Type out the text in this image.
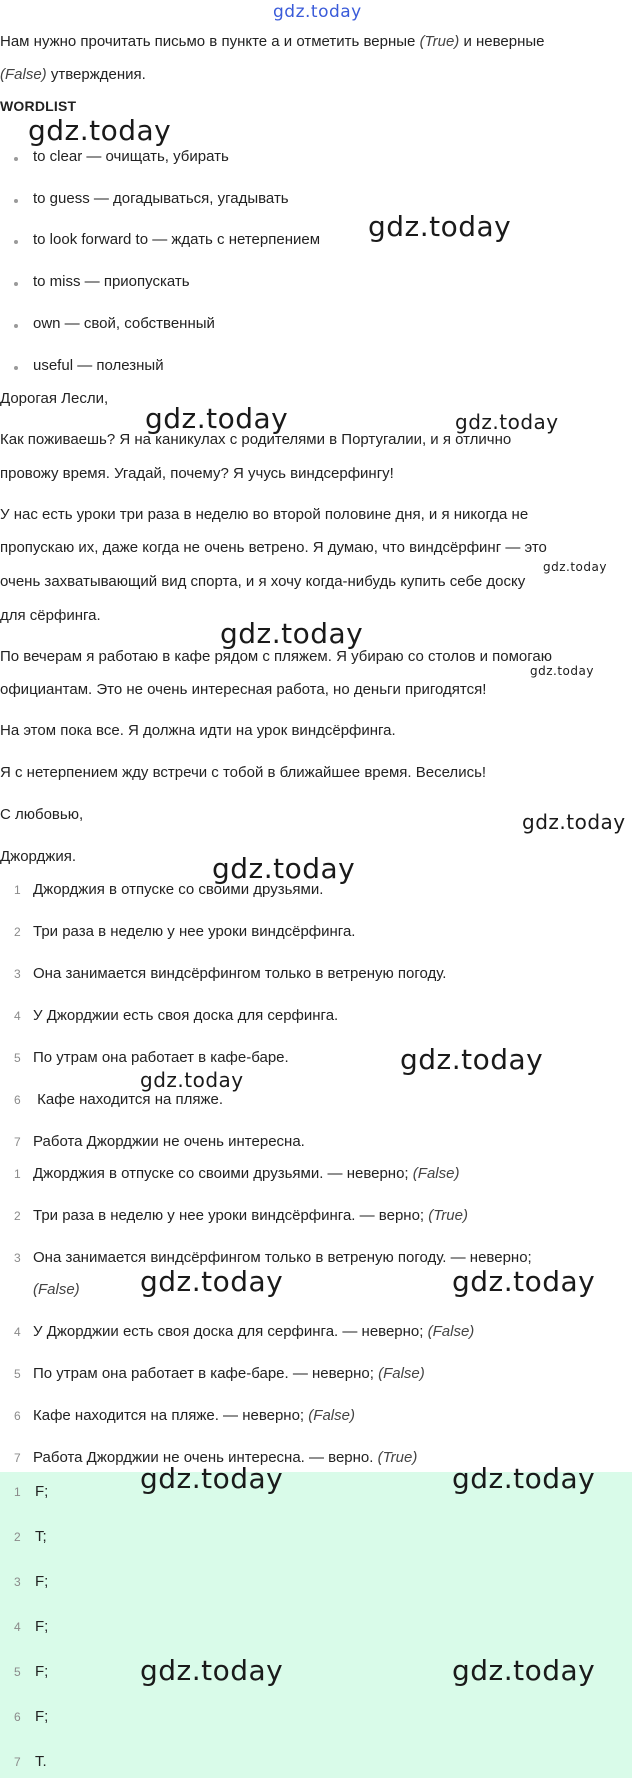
gdz.today
Нам нужно прочитать письмо в пункте а и отметить верные (True) и неверные
(False) утверждения.
WORDLIST
to clear — очищать, убирать
to guess — догадываться, угадывать
to look forward to — ждать с нетерпением
to miss — приопускать
own — свой, собственный
useful — полезный
Дорогая Лесли,
Как поживаешь? Я на каникулах с родителями в Португалии, и я отлично
провожу время. Угадай, почему? Я учусь виндсерфингу!
У нас есть уроки три раза в неделю во второй половине дня, и я никогда не
пропускаю их, даже когда не очень ветрено. Я думаю, что виндсёрфинг — это
очень захватывающий вид спорта, и я хочу когда-нибудь купить себе доску
для сёрфинга.
По вечерам я работаю в кафе рядом с пляжем. Я убираю со столов и помогаю
официантам. Это не очень интересная работа, но деньги пригодятся!
На этом пока все. Я должна идти на урок виндсёрфинга.
Я с нетерпением жду встречи с тобой в ближайшее время. Веселись!
С любовью,
Джорджия.
1 Джорджия в отпуске со своими друзьями.
2 Три раза в неделю у нее уроки виндсёрфинга.
3 Она занимается виндсёрфингом только в ветреную погоду.
4 У Джорджии есть своя доска для серфинга.
5 По утрам она работает в кафе-баре.
6 Кафе находится на пляже.
7 Работа Джорджии не очень интересна.
1 Джорджия в отпуске со своими друзьями. — неверно; (False)
2 Три раза в неделю у нее уроки виндсёрфинга. — верно; (True)
3 Она занимается виндсёрфингом только в ветреную погоду. — неверно;
(False)
4 У Джорджии есть своя доска для серфинга. — неверно; (False)
5 По утрам она работает в кафе-баре. — неверно; (False)
6 Кафе находится на пляже. — неверно; (False)
7 Работа Джорджии не очень интересна. — верно. (True)
1 F;
2 T;
3 F;
4 F;
5 F;
6 F;
7 T.
gdz.today
gdz.today
gdz.today	gdz.today
gdz.today
gdz.today
gdz.today
gdz.today
gdz.today
gdz.today
gdz.today
gdz.today	gdz.today
gdz.today	gdz.today
gdz.today	gdz.today
